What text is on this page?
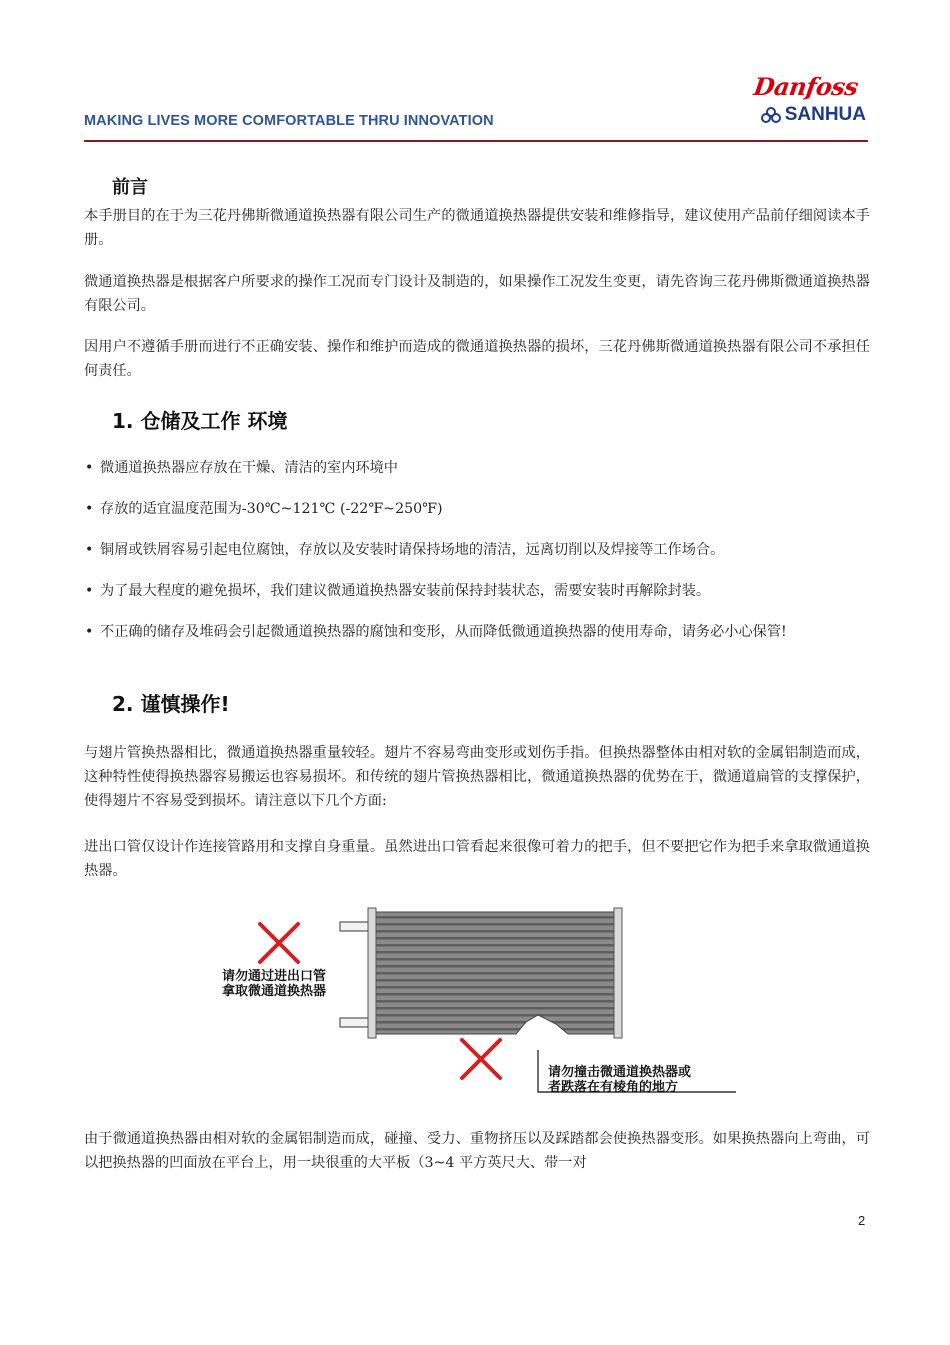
MAKING LIVES MORE COMFORTABLE THRU INNOVATION
Danfoss
SANHUA
前言

本手册目的在于为三花丹佛斯微通道换热器有限公司生产的微通道换热器提供安装和维修指导，建议使用产品前仔细阅读本手册。

微通道换热器是根据客户所要求的操作工况而专门设计及制造的，如果操作工况发生变更，请先咨询三花丹佛斯微通道换热器有限公司。

因用户不遵循手册而进行不正确安装、操作和维护而造成的微通道换热器的损坏，三花丹佛斯微通道换热器有限公司不承担任何责任。

1. 仓储及工作 环境
• 微通道换热器应存放在干燥、清洁的室内环境中
• 存放的适宜温度范围为-30℃~121℃ (-22℉~250℉)
• 铜屑或铁屑容易引起电位腐蚀，存放以及安装时请保持场地的清洁，远离切削以及焊接等工作场合。
• 为了最大程度的避免损坏，我们建议微通道换热器安装前保持封装状态，需要安装时再解除封装。
• 不正确的储存及堆码会引起微通道换热器的腐蚀和变形，从而降低微通道换热器的使用寿命，请务必小心保管!
2. 谨慎操作!

与翅片管换热器相比，微通道换热器重量较轻。翅片不容易弯曲变形或划伤手指。但换热器整体由相对软的金属铝制造而成，这种特性使得换热器容易搬运也容易损坏。和传统的翅片管换热器相比，微通道换热器的优势在于，微通道扁管的支撑保护，使得翅片不容易受到损坏。请注意以下几个方面:

进出口管仅设计作连接管路用和支撑自身重量。虽然进出口管看起来很像可着力的把手，但不要把它作为把手来拿取微通道换热器。

请勿通过进出口管
拿取微通道换热器
请勿撞击微通道换热器或
者跌落在有棱角的地方

由于微通道换热器由相对软的金属铝制造而成，碰撞、受力、重物挤压以及踩踏都会使换热器变形。如果换热器向上弯曲，可以把换热器的凹面放在平台上，用一块很重的大平板（3~4 平方英尺大、带一对

2
